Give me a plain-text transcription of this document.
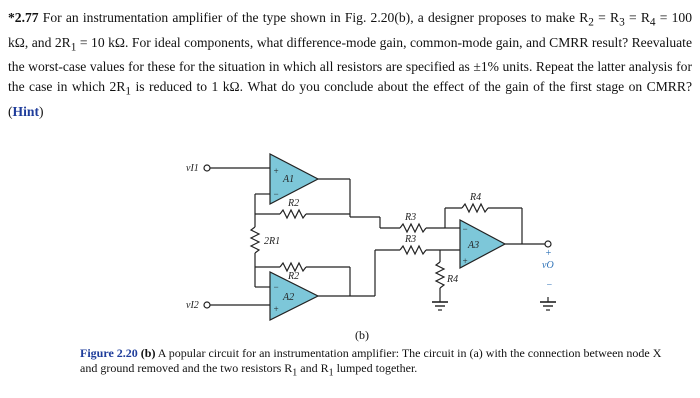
*2.77 For an instrumentation amplifier of the type shown in Fig. 2.20(b), a designer proposes to make $R_2 = R_3 = R_4 = 100$ kΩ, and $2R_1 = 10$ kΩ. For ideal components, what difference-mode gain, common-mode gain, and CMRR result? Reevaluate the worst-case values for these for the situation in which all resistors are specified as ±1% units. Repeat the latter analysis for the case in which $2R_1$ is reduced to 1 kΩ. What do you conclude about the effect of the gain of the first stage on CMRR? (Hint)
vI1
vI2
A1
A2
A3
R2
R2
2R1
R3
R3
R4
R4
vO
+
−
+
−
−
+
−
+
(b)
Figure 2.20 (b) A popular circuit for an instrumentation amplifier: The circuit in (a) with the connection between node X and ground removed and the two resistors $R_1$ and $R_1$ lumped together.
